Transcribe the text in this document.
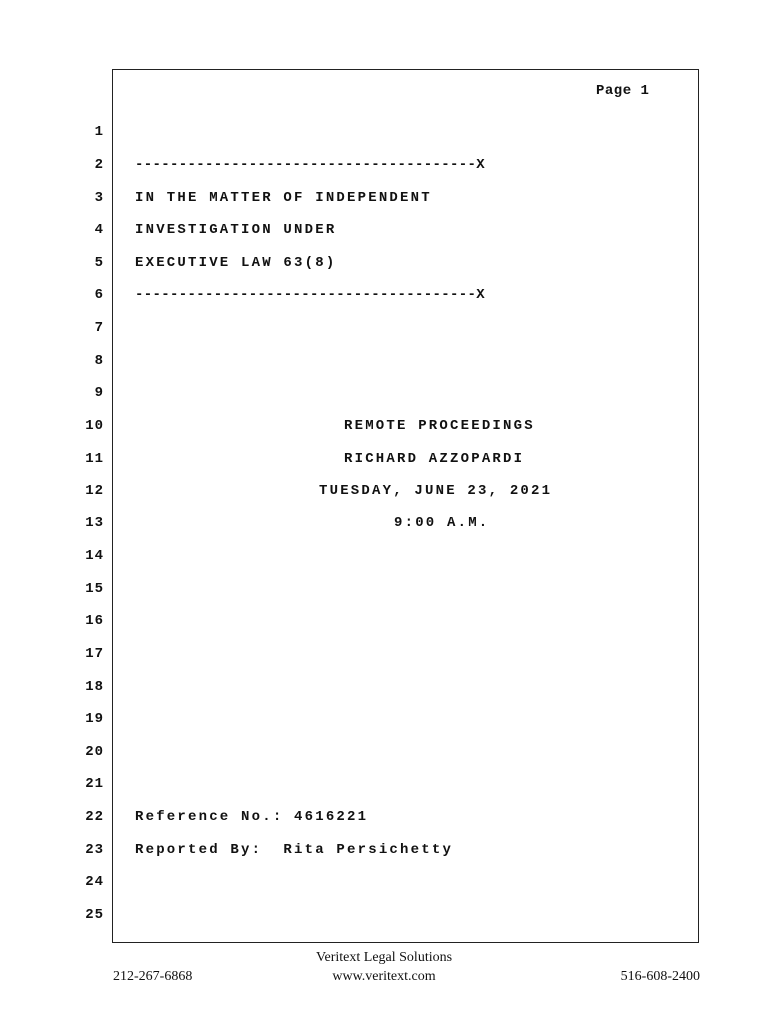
Page 1
1
2
3
4
5
6
7
8
9
10
11
12
13
14
15
16
17
18
19
20
21
22
23
24
25
---------------------------------------X
IN THE MATTER OF INDEPENDENT
INVESTIGATION UNDER
EXECUTIVE LAW 63(8)
---------------------------------------X
REMOTE PROCEEDINGS
RICHARD AZZOPARDI
TUESDAY, JUNE 23, 2021
9:00 A.M.
Reference No.: 4616221
Reported By:  Rita Persichetty
Veritext Legal Solutions
212-267-6868	www.veritext.com	516-608-2400
